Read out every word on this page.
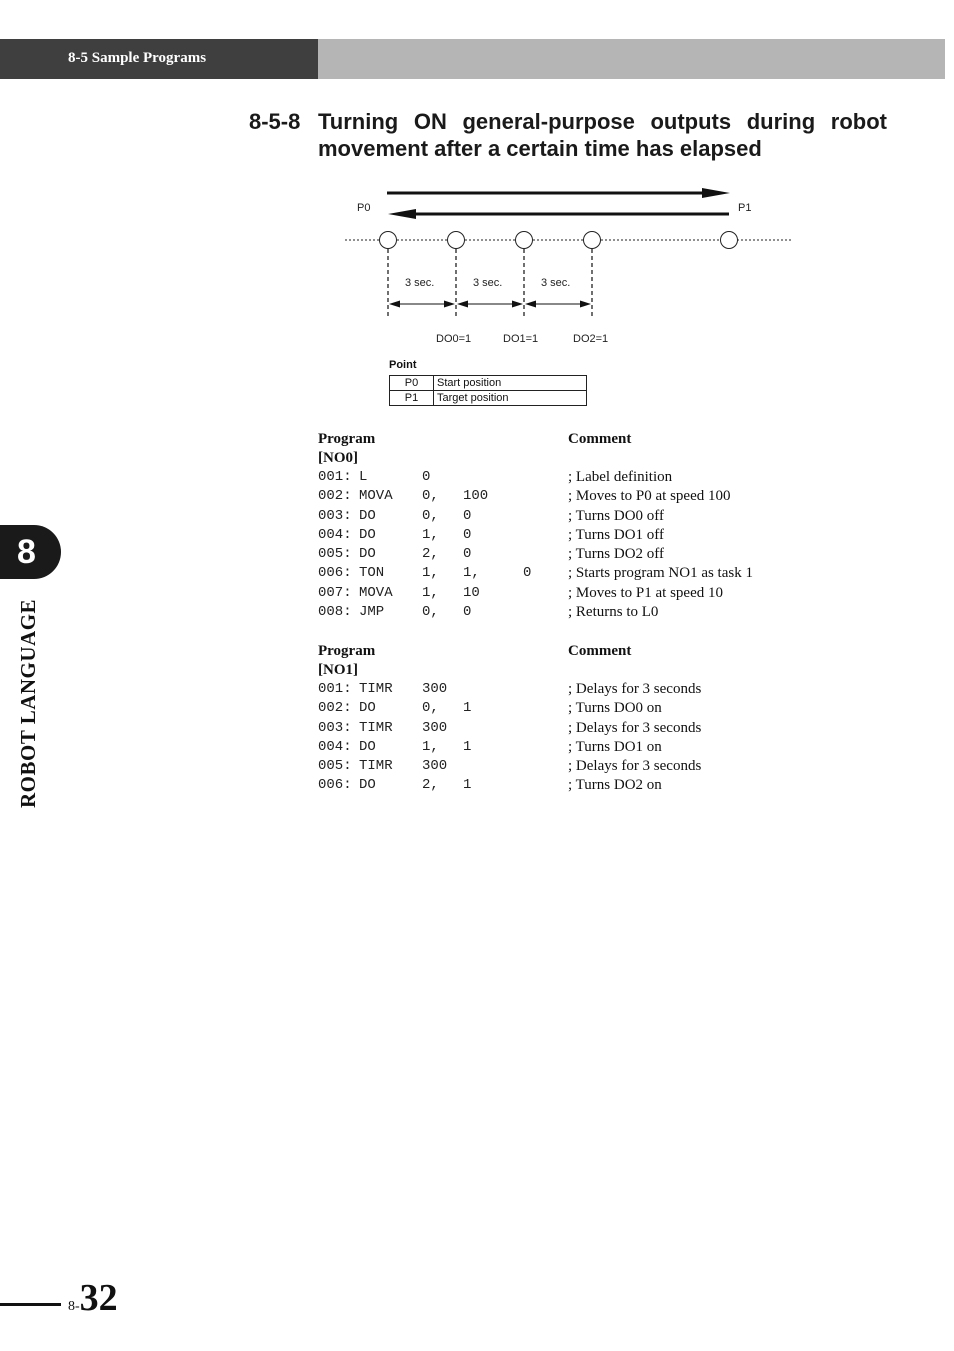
8-5 Sample Programs
8-5-8 Turning ON general-purpose outputs during robot
movement after a certain time has elapsed
P0	P1
3 sec.	3 sec.	3 sec.
DO0=1	DO1=1	DO2=1
Point
P0	Start position
P1	Target position
Program	Comment
[NO0]
001: L	0	; Label definition
002: MOVA 0, 100	; Moves to P0 at speed 100
003: DO	0, 0	; Turns DO0 off
004: DO	1, 0	; Turns DO1 off
005: DO	2, 0	; Turns DO2 off
006: TON	1, 1,	0 ; Starts program NO1 as task 1
007: MOVA 1, 10	; Moves to P1 at speed 10
008: JMP	0, 0	; Returns to L0
Program	Comment
[NO1]
001: TIMR 300	; Delays for 3 seconds
002: DO	0, 1	; Turns DO0 on
003: TIMR 300	; Delays for 3 seconds
004: DO	1, 1	; Turns DO1 on
005: TIMR 300	; Delays for 3 seconds
006: DO	2, 1	; Turns DO2 on
8
ROBOT LANGUAGE
8-32
